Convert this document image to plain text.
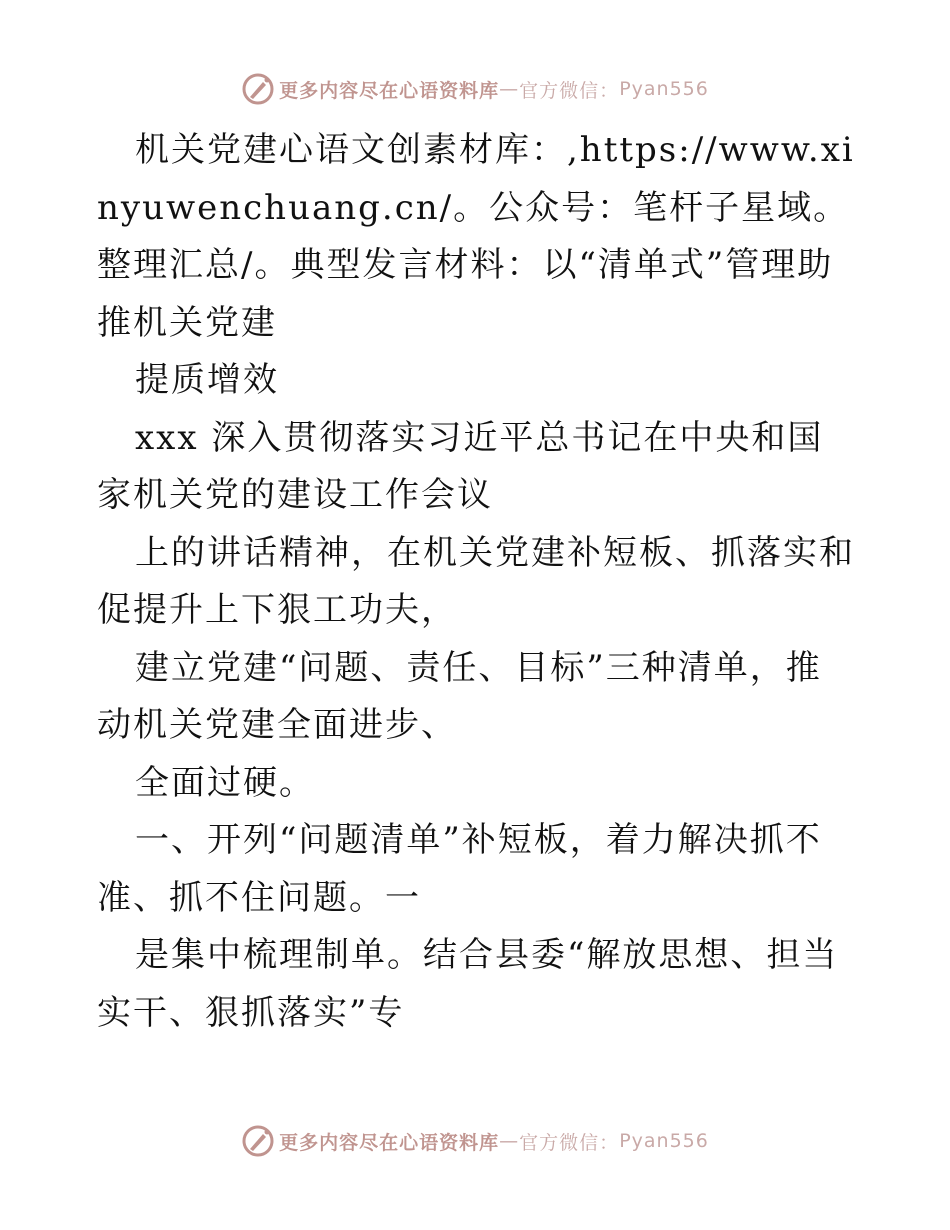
更多内容尽在心语资料库 — 官方微信： Pyan556

机关党建心语文创素材库：,https://www.xinyuwenchuang.cn/。公众号：笔杆子星域。整理汇总/。典型发言材料：以“清单式”管理助推机关党建

提质增效

xxx 深入贯彻落实习近平总书记在中央和国家机关党的建设工作会议

上的讲话精神，在机关党建补短板、抓落实和促提升上下狠工功夫，

建立党建“问题、责任、目标”三种清单，推动机关党建全面进步、

全面过硬。

一、开列“问题清单”补短板，着力解决抓不准、抓不住问题。一

是集中梳理制单。结合县委“解放思想、担当实干、狠抓落实”专

更多内容尽在心语资料库 — 官方微信： Pyan556
